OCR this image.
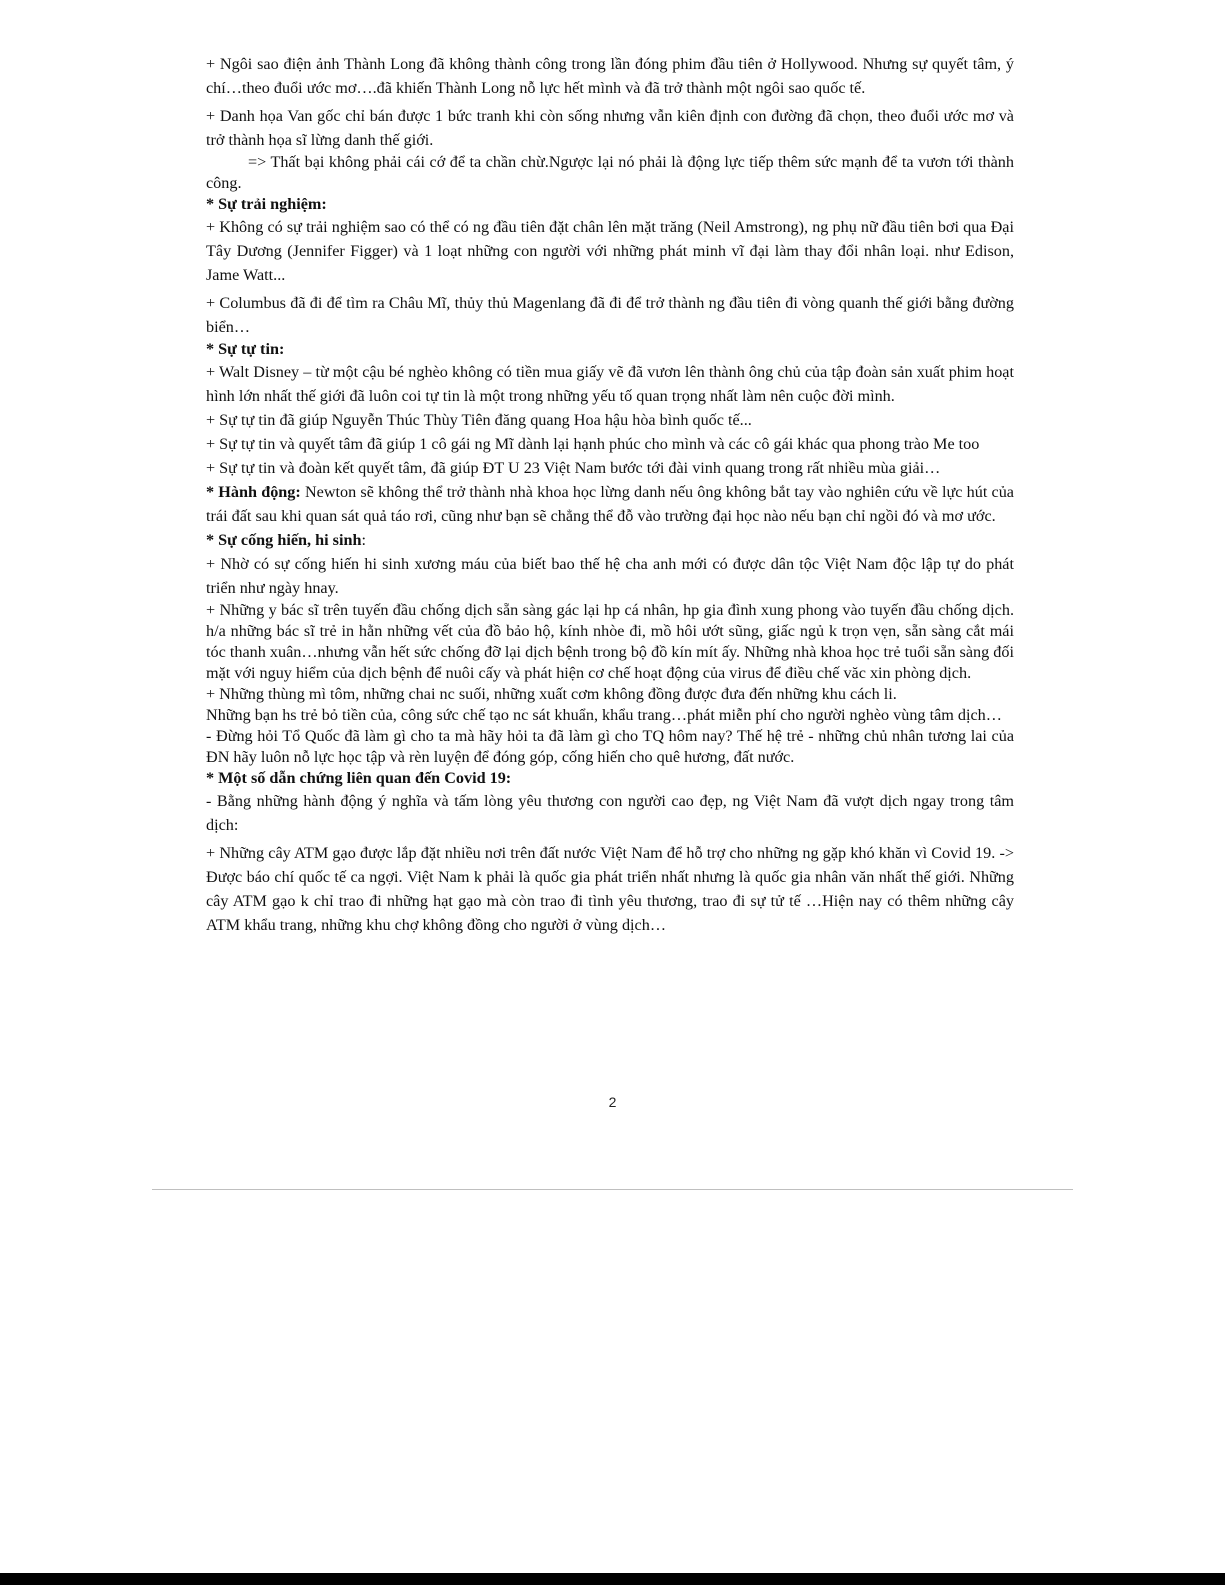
+ Ngôi sao điện ảnh Thành Long đã không thành công trong lần đóng phim đầu tiên ở Hollywood. Nhưng sự quyết tâm, ý chí…theo đuổi ước mơ….đã khiến Thành Long nỗ lực hết mình và đã trở thành một ngôi sao quốc tế.

+ Danh họa Van gốc chỉ bán được 1 bức tranh khi còn sống nhưng vẫn kiên định con đường đã chọn, theo đuổi ước mơ và trở thành họa sĩ lừng danh thế giới.

=> Thất bại không phải cái cớ để ta chần chừ.Ngược lại nó phải là động lực tiếp thêm sức mạnh để ta vươn tới thành công.

* Sự trải nghiệm:

+ Không có sự trải nghiệm sao có thể có ng đầu tiên đặt chân lên mặt trăng (Neil Amstrong), ng phụ nữ đầu tiên bơi qua Đại Tây Dương (Jennifer Figger) và 1 loạt những con người với những phát minh vĩ đại làm thay đổi nhân loại. như Edison, Jame Watt...

+ Columbus đã đi để tìm ra Châu Mĩ, thủy thủ Magenlang đã đi để trở thành ng đầu tiên đi vòng quanh thế giới bằng đường biển…

* Sự tự tin:

+ Walt Disney – từ một cậu bé nghèo không có tiền mua giấy vẽ đã vươn lên thành ông chủ của tập đoàn sản xuất phim hoạt hình lớn nhất thế giới đã luôn coi tự tin là một trong những yếu tố quan trọng nhất làm nên cuộc đời mình.

+ Sự tự tin đã giúp Nguyễn Thúc Thùy Tiên đăng quang Hoa hậu hòa bình quốc tế...

+ Sự tự tin và quyết tâm đã giúp 1 cô gái ng Mĩ dành lại hạnh phúc cho mình và các cô gái khác qua phong trào Me too

+ Sự tự tin và đoàn kết quyết tâm, đã giúp ĐT U 23 Việt Nam bước tới đài vinh quang trong rất nhiều mùa giải…

* Hành động: Newton sẽ không thể trở thành nhà khoa học lừng danh nếu ông không bắt tay vào nghiên cứu về lực hút của trái đất sau khi quan sát quả táo rơi, cũng như bạn sẽ chẳng thể đỗ vào trường đại học nào nếu bạn chỉ ngồi đó và mơ ước.

* Sự cống hiến, hi sinh:

+ Nhờ có sự cống hiến hi sinh xương máu của biết bao thế hệ cha anh mới có được dân tộc Việt Nam độc lập tự do phát triển như ngày hnay.

+ Những y bác sĩ trên tuyến đầu chống dịch sẵn sàng gác lại hp cá nhân, hp gia đình xung phong vào tuyến đầu chống dịch. h/a những bác sĩ trẻ in hằn những vết của đồ bảo hộ, kính nhòe đi, mồ hôi ướt sũng, giấc ngủ k trọn vẹn, sẵn sàng cắt mái tóc thanh xuân…nhưng vẫn hết sức chống đỡ lại dịch bệnh trong bộ đồ kín mít ấy. Những nhà khoa học trẻ tuổi sẵn sàng đối mặt với nguy hiểm của dịch bệnh để nuôi cấy và phát hiện cơ chế hoạt động của virus để điều chế văc xin phòng dịch.

+ Những thùng mì tôm, những chai nc suối, những xuất cơm không đồng được đưa đến những khu cách li.

Những bạn hs trẻ bỏ tiền của, công sức chế tạo nc sát khuẩn, khẩu trang…phát miễn phí cho người nghèo vùng tâm dịch…

- Đừng hỏi Tổ Quốc đã làm gì cho ta mà hãy hỏi ta đã làm gì cho TQ hôm nay? Thế hệ trẻ - những chủ nhân tương lai của ĐN hãy luôn nỗ lực học tập và rèn luyện để đóng góp, cống hiến cho quê hương, đất nước.

* Một số dẫn chứng liên quan đến Covid 19:

- Bằng những hành động ý nghĩa và tấm lòng yêu thương con người cao đẹp, ng Việt Nam đã vượt dịch ngay trong tâm dịch:

+ Những cây ATM gạo được lắp đặt nhiều nơi trên đất nước Việt Nam để hỗ trợ cho những ng gặp khó khăn vì Covid 19. -> Được báo chí quốc tế ca ngợi. Việt Nam k phải là quốc gia phát triển nhất nhưng là quốc gia nhân văn nhất thế giới. Những cây ATM gạo k chỉ trao đi những hạt gạo mà còn trao đi tình yêu thương, trao đi sự tử tế …Hiện nay có thêm những cây ATM khẩu trang, những khu chợ không đồng cho người ở vùng dịch…

2
